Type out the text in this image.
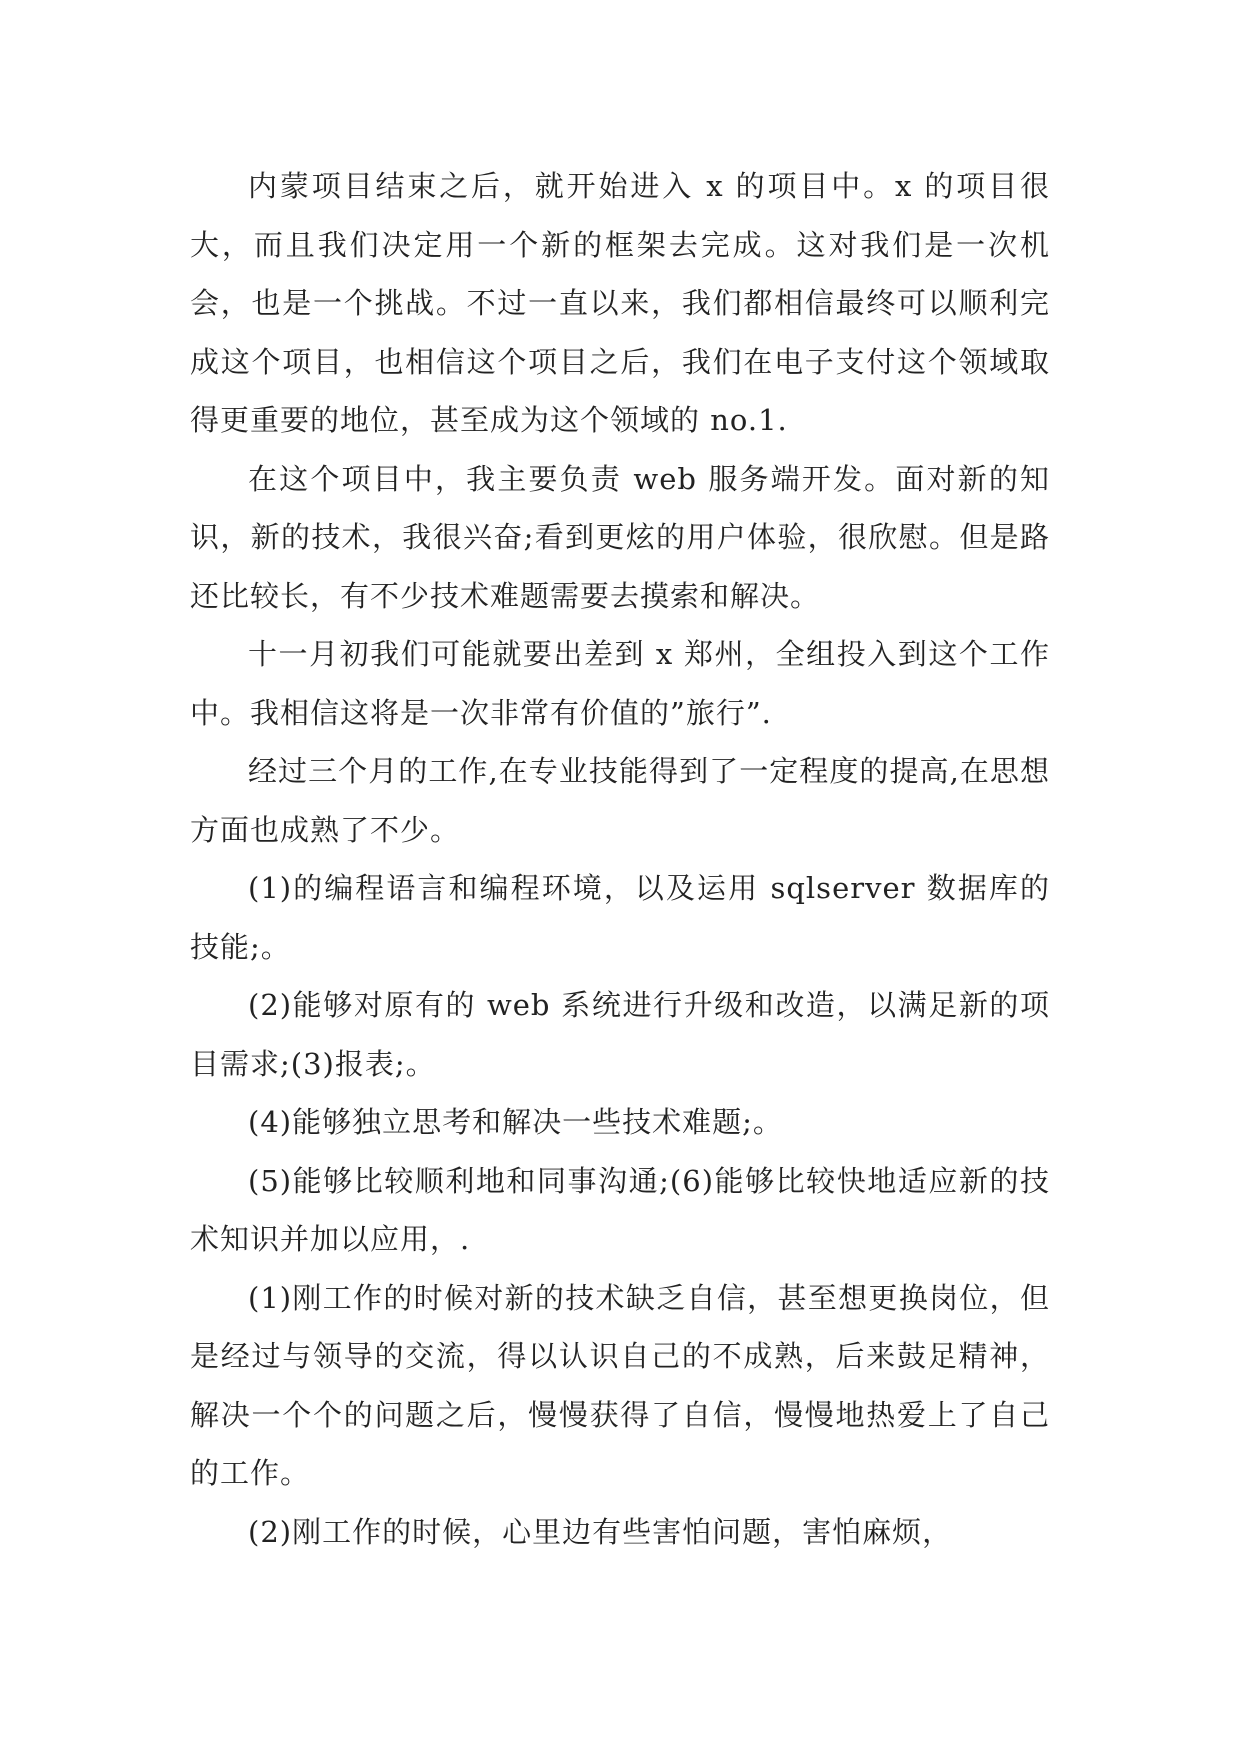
内蒙项目结束之后，就开始进入 x 的项目中。x 的项目很大，而且我们决定用一个新的框架去完成。这对我们是一次机会，也是一个挑战。不过一直以来，我们都相信最终可以顺利完成这个项目，也相信这个项目之后，我们在电子支付这个领域取得更重要的地位，甚至成为这个领域的 no.1.

在这个项目中，我主要负责 web 服务端开发。面对新的知识，新的技术，我很兴奋;看到更炫的用户体验，很欣慰。但是路还比较长，有不少技术难题需要去摸索和解决。

十一月初我们可能就要出差到 x 郑州，全组投入到这个工作中。我相信这将是一次非常有价值的”旅行”.

经过三个月的工作,在专业技能得到了一定程度的提高,在思想方面也成熟了不少。

(1)的编程语言和编程环境，以及运用 sqlserver 数据库的技能;。

(2)能够对原有的 web 系统进行升级和改造，以满足新的项目需求;(3)报表;。

(4)能够独立思考和解决一些技术难题;。

(5)能够比较顺利地和同事沟通;(6)能够比较快地适应新的技术知识并加以应用，.

(1)刚工作的时候对新的技术缺乏自信，甚至想更换岗位，但是经过与领导的交流，得以认识自己的不成熟，后来鼓足精神，解决一个个的问题之后，慢慢获得了自信，慢慢地热爱上了自己的工作。

(2)刚工作的时候，心里边有些害怕问题，害怕麻烦，
